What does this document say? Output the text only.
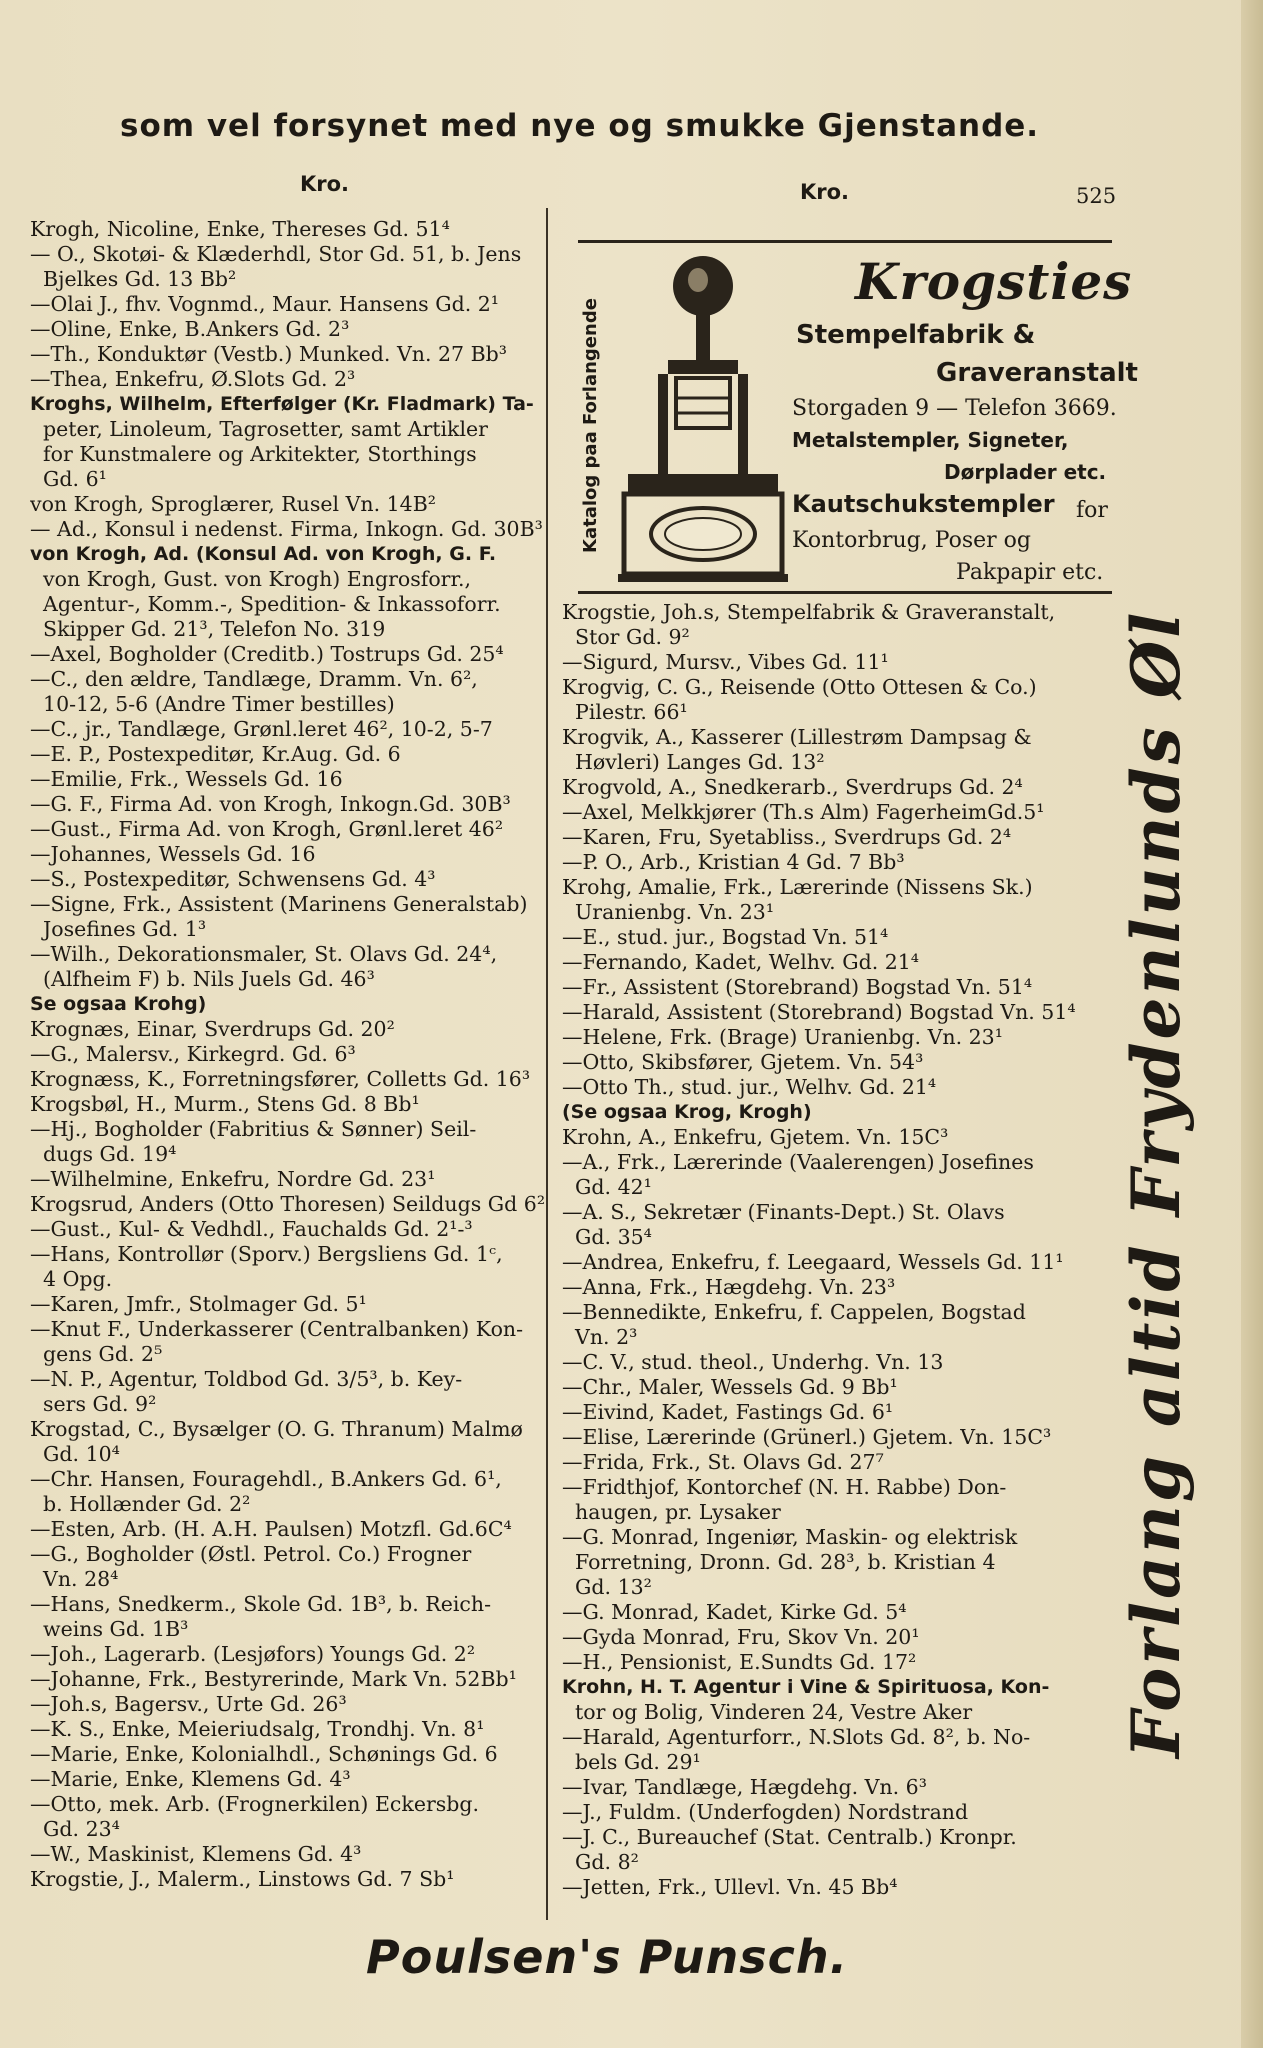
som vel forsynet med nye og smukke Gjenstande.
Kro.	Kro.	525
Krogh, Nicoline, Enke, Thereses Gd. 51⁴
— O., Skotøi- & Klæderhdl, Stor Gd. 51, b. Jens
Bjelkes Gd. 13 Bb²
—Olai J., fhv. Vognmd., Maur. Hansens Gd. 2¹
—Oline, Enke, B.Ankers Gd. 2³
—Th., Konduktør (Vestb.) Munked. Vn. 27 Bb³
—Thea, Enkefru, Ø.Slots Gd. 2³
Kroghs, Wilhelm, Efterfølger (Kr. Fladmark) Ta-
peter, Linoleum, Tagrosetter, samt Artikler
for Kunstmalere og Arkitekter, Storthings
Gd. 6¹
von Krogh, Sproglærer, Rusel Vn. 14B²
— Ad., Konsul i nedenst. Firma, Inkogn. Gd. 30B³
von Krogh, Ad. (Konsul Ad. von Krogh, G. F.
von Krogh, Gust. von Krogh) Engrosforr.,
Agentur-, Komm.-, Spedition- & Inkassoforr.
Skipper Gd. 21³, Telefon No. 319
—Axel, Bogholder (Creditb.) Tostrups Gd. 25⁴
—C., den ældre, Tandlæge, Dramm. Vn. 6²,
10-12, 5-6 (Andre Timer bestilles)
—C., jr., Tandlæge, Grønl.leret 46², 10-2, 5-7
—E. P., Postexpeditør, Kr.Aug. Gd. 6
—Emilie, Frk., Wessels Gd. 16
—G. F., Firma Ad. von Krogh, Inkogn.Gd. 30B³
—Gust., Firma Ad. von Krogh, Grønl.leret 46²
—Johannes, Wessels Gd. 16
—S., Postexpeditør, Schwensens Gd. 4³
—Signe, Frk., Assistent (Marinens Generalstab)
Josefines Gd. 1³
—Wilh., Dekorationsmaler, St. Olavs Gd. 24⁴,
(Alfheim F) b. Nils Juels Gd. 46³
Se ogsaa Krohg)
Krognæs, Einar, Sverdrups Gd. 20²
—G., Malersv., Kirkegrd. Gd. 6³
Krognæss, K., Forretningsfører, Colletts Gd. 16³
Krogsbøl, H., Murm., Stens Gd. 8 Bb¹
—Hj., Bogholder (Fabritius & Sønner) Seil-
dugs Gd. 19⁴
—Wilhelmine, Enkefru, Nordre Gd. 23¹
Krogsrud, Anders (Otto Thoresen) Seildugs Gd 6²
—Gust., Kul- & Vedhdl., Fauchalds Gd. 2¹-³
—Hans, Kontrollør (Sporv.) Bergsliens Gd. 1ᶜ,
4 Opg.
—Karen, Jmfr., Stolmager Gd. 5¹
—Knut F., Underkasserer (Centralbanken) Kon-
gens Gd. 2⁵
—N. P., Agentur, Toldbod Gd. 3/5³, b. Key-
sers Gd. 9²
Krogstad, C., Bysælger (O. G. Thranum) Malmø
Gd. 10⁴
—Chr. Hansen, Fouragehdl., B.Ankers Gd. 6¹,
b. Hollænder Gd. 2²
—Esten, Arb. (H. A.H. Paulsen) Motzfl. Gd.6C⁴
—G., Bogholder (Østl. Petrol. Co.) Frogner
Vn. 28⁴
—Hans, Snedkerm., Skole Gd. 1B³, b. Reich-
weins Gd. 1B³
—Joh., Lagerarb. (Lesjøfors) Youngs Gd. 2²
—Johanne, Frk., Bestyrerinde, Mark Vn. 52Bb¹
—Joh.s, Bagersv., Urte Gd. 26³
—K. S., Enke, Meieriudsalg, Trondhj. Vn. 8¹
—Marie, Enke, Kolonialhdl., Schønings Gd. 6
—Marie, Enke, Klemens Gd. 4³
—Otto, mek. Arb. (Frognerkilen) Eckersbg.
Gd. 23⁴
—W., Maskinist, Klemens Gd. 4³
Krogstie, J., Malerm., Linstows Gd. 7 Sb¹
Katalog paa Forlangende
Krogsties
Stempelfabrik &
Graveranstalt
Storgaden 9 — Telefon 3669.
Metalstempler, Signeter,
Dørplader etc.
Kautschukstempler for
Kontorbrug, Poser og
Pakpapir etc.
Krogstie, Joh.s, Stempelfabrik & Graveranstalt,
Stor Gd. 9²
—Sigurd, Mursv., Vibes Gd. 11¹
Krogvig, C. G., Reisende (Otto Ottesen & Co.)
Pilestr. 66¹
Krogvik, A., Kasserer (Lillestrøm Dampsag &
Høvleri) Langes Gd. 13²
Krogvold, A., Snedkerarb., Sverdrups Gd. 2⁴
—Axel, Melkkjører (Th.s Alm) FagerheimGd.5¹
—Karen, Fru, Syetabliss., Sverdrups Gd. 2⁴
—P. O., Arb., Kristian 4 Gd. 7 Bb³
Krohg, Amalie, Frk., Lærerinde (Nissens Sk.)
Uranienbg. Vn. 23¹
—E., stud. jur., Bogstad Vn. 51⁴
—Fernando, Kadet, Welhv. Gd. 21⁴
—Fr., Assistent (Storebrand) Bogstad Vn. 51⁴
—Harald, Assistent (Storebrand) Bogstad Vn. 51⁴
—Helene, Frk. (Brage) Uranienbg. Vn. 23¹
—Otto, Skibsfører, Gjetem. Vn. 54³
—Otto Th., stud. jur., Welhv. Gd. 21⁴
(Se ogsaa Krog, Krogh)
Krohn, A., Enkefru, Gjetem. Vn. 15C³
—A., Frk., Lærerinde (Vaalerengen) Josefines
Gd. 42¹
—A. S., Sekretær (Finants-Dept.) St. Olavs
Gd. 35⁴
—Andrea, Enkefru, f. Leegaard, Wessels Gd. 11¹
—Anna, Frk., Hægdehg. Vn. 23³
—Bennedikte, Enkefru, f. Cappelen, Bogstad
Vn. 2³
—C. V., stud. theol., Underhg. Vn. 13
—Chr., Maler, Wessels Gd. 9 Bb¹
—Eivind, Kadet, Fastings Gd. 6¹
—Elise, Lærerinde (Grünerl.) Gjetem. Vn. 15C³
—Frida, Frk., St. Olavs Gd. 27⁷
—Fridthjof, Kontorchef (N. H. Rabbe) Don-
haugen, pr. Lysaker
—G. Monrad, Ingeniør, Maskin- og elektrisk
Forretning, Dronn. Gd. 28³, b. Kristian 4
Gd. 13²
—G. Monrad, Kadet, Kirke Gd. 5⁴
—Gyda Monrad, Fru, Skov Vn. 20¹
—H., Pensionist, E.Sundts Gd. 17²
Krohn, H. T. Agentur i Vine & Spirituosa, Kon-
tor og Bolig, Vinderen 24, Vestre Aker
—Harald, Agenturforr., N.Slots Gd. 8², b. No-
bels Gd. 29¹
—Ivar, Tandlæge, Hægdehg. Vn. 6³
—J., Fuldm. (Underfogden) Nordstrand
—J. C., Bureauchef (Stat. Centralb.) Kronpr.
Gd. 8²
—Jetten, Frk., Ullevl. Vn. 45 Bb⁴
Forlang altid Frydenlunds Øl
Poulsen's Punsch.
